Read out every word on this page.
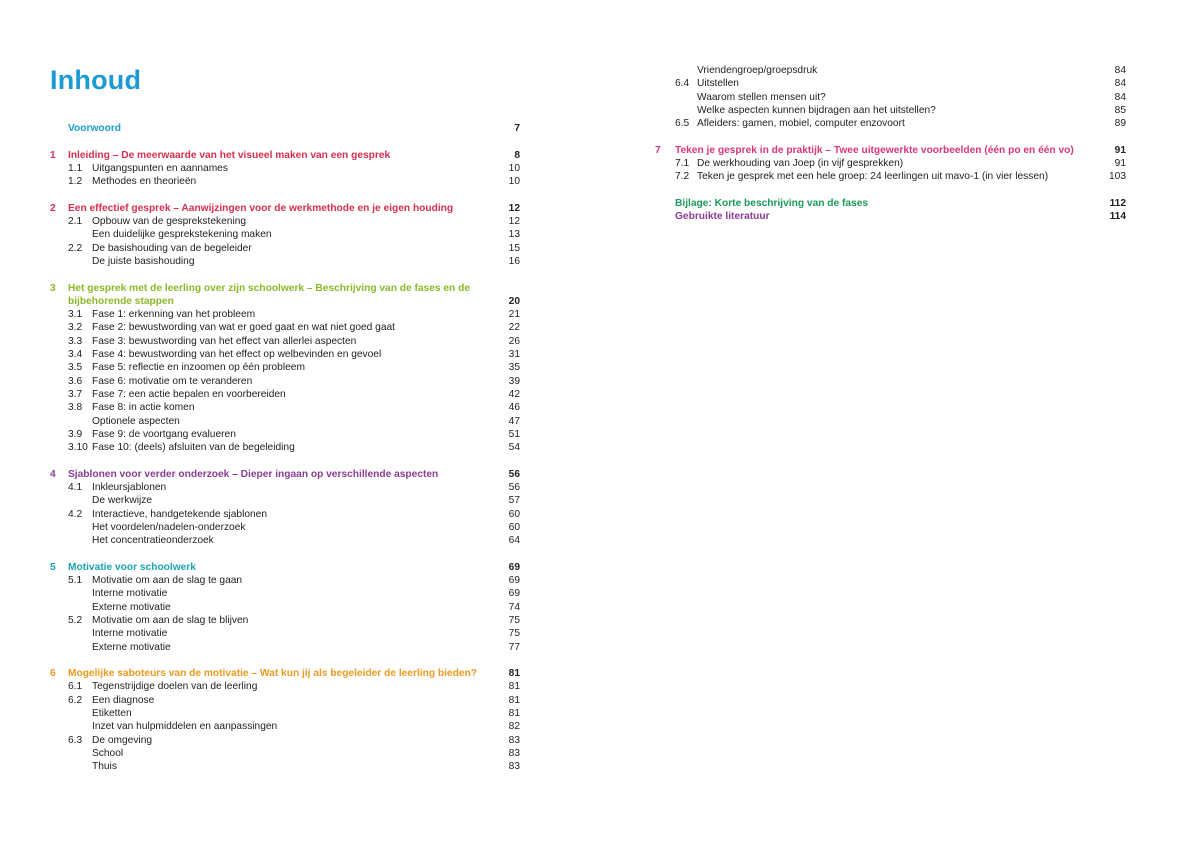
Inhoud
Voorwoord	7
1 Inleiding – De meerwaarde van het visueel maken van een gesprek	8
1.1 Uitgangspunten en aannames	10
1.2 Methodes en theorieën	10
2 Een effectief gesprek – Aanwijzingen voor de werkmethode en je eigen houding	12
2.1 Opbouw van de gesprekstekening	12
Een duidelijke gesprekstekening maken	13
2.2 De basishouding van de begeleider	15
De juiste basishouding	16
3 Het gesprek met de leerling over zijn schoolwerk – Beschrijving van de fases en de
bijbehorende stappen	20
3.1 Fase 1: erkenning van het probleem	21
3.2 Fase 2: bewustwording van wat er goed gaat en wat niet goed gaat	22
3.3 Fase 3: bewustwording van het effect van allerlei aspecten	26
3.4 Fase 4: bewustwording van het effect op welbevinden en gevoel	31
3.5 Fase 5: reflectie en inzoomen op één probleem	35
3.6 Fase 6: motivatie om te veranderen	39
3.7 Fase 7: een actie bepalen en voorbereiden	42
3.8 Fase 8: in actie komen	46
Optionele aspecten	47
3.9 Fase 9: de voortgang evalueren	51
3.10 Fase 10: (deels) afsluiten van de begeleiding	54
4 Sjablonen voor verder onderzoek – Dieper ingaan op verschillende aspecten	56
4.1 Inkleursjablonen	56
De werkwijze	57
4.2 Interactieve, handgetekende sjablonen	60
Het voordelen/nadelen-onderzoek	60
Het concentratieonderzoek	64
5 Motivatie voor schoolwerk	69
5.1 Motivatie om aan de slag te gaan	69
Interne motivatie	69
Externe motivatie	74
5.2 Motivatie om aan de slag te blijven	75
Interne motivatie	75
Externe motivatie	77
6 Mogelijke saboteurs van de motivatie – Wat kun jij als begeleider de leerling bieden?	81
6.1 Tegenstrijdige doelen van de leerling	81
6.2 Een diagnose	81
Etiketten	81
Inzet van hulpmiddelen en aanpassingen	82
6.3 De omgeving	83
School	83
Thuis	83
Vriendengroep/groepsdruk	84
6.4 Uitstellen	84
Waarom stellen mensen uit?	84
Welke aspecten kunnen bijdragen aan het uitstellen?	85
6.5 Afleiders: gamen, mobiel, computer enzovoort	89
7 Teken je gesprek in de praktijk – Twee uitgewerkte voorbeelden (één po en één vo)	91
7.1 De werkhouding van Joep (in vijf gesprekken)	91
7.2 Teken je gesprek met een hele groep: 24 leerlingen uit mavo-1 (in vier lessen)	103
Bijlage: Korte beschrijving van de fases	112
Gebruikte literatuur	114
